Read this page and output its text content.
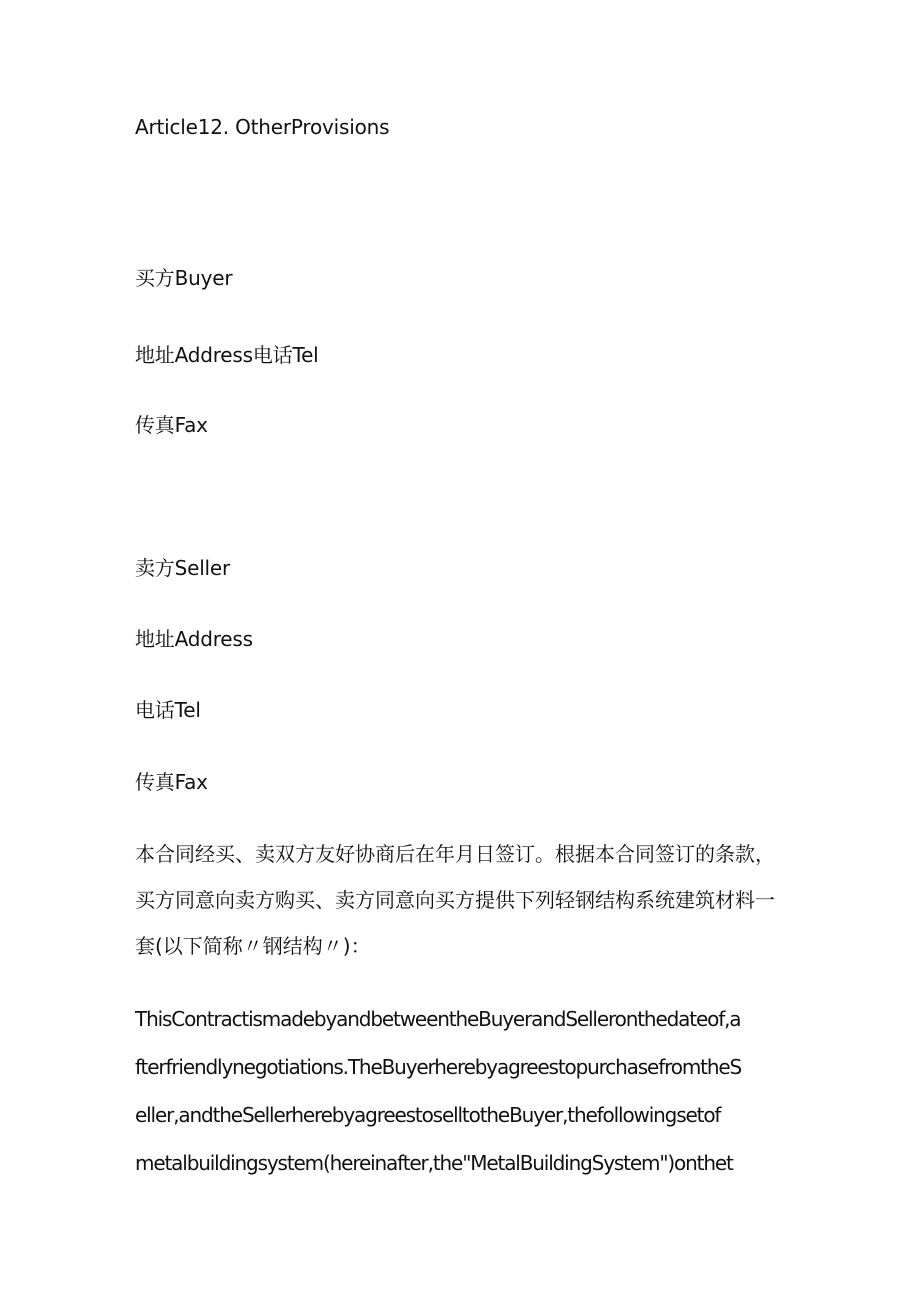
Article12. OtherProvisions
买方Buyer
地址Address电话Tel
传真Fax
卖方Seller
地址Address
电话Tel
传真Fax
本合同经买、卖双方友好协商后在年月日签订。根据本合同签订的条款，
买方同意向卖方购买、卖方同意向买方提供下列轻钢结构系统建筑材料一
套(以下简称〃钢结构〃)：
ThisContractismadebyandbetweentheBuyerandSelleronthedateof,a
fterfriendlynegotiations.TheBuyerherebyagreestopurchasefromtheS
eller,andtheSellerherebyagreestoselltotheBuyer,thefollowingsetof
metalbuildingsystem(hereinafter,the"MetalBuildingSystem")onthet
